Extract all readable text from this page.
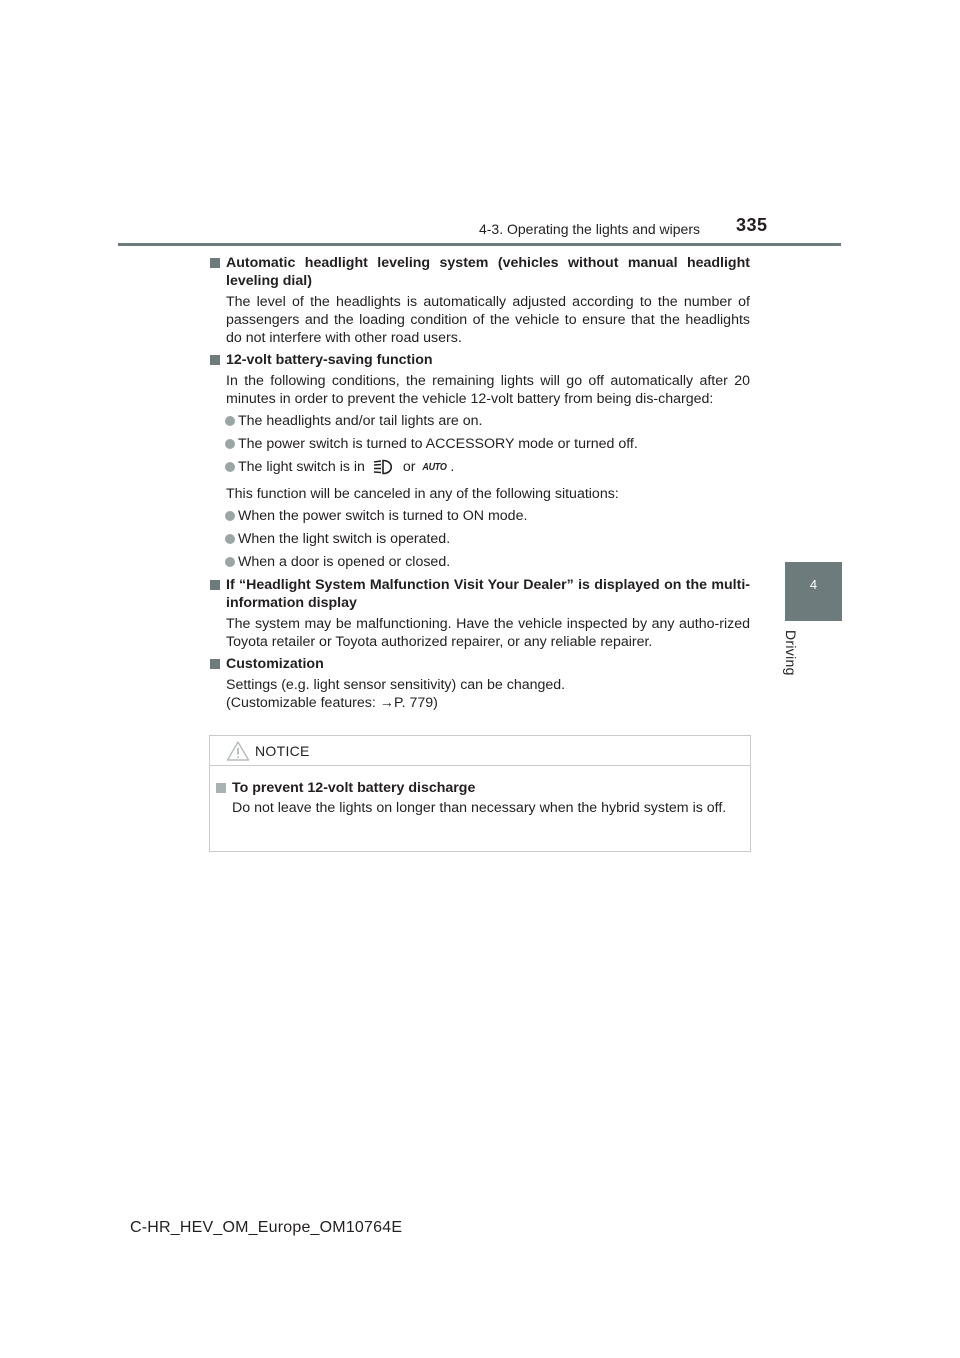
4-3. Operating the lights and wipers 335
4
Driving
Automatic headlight leveling system (vehicles without manual headlight leveling dial)
The level of the headlights is automatically adjusted according to the number of passengers and the loading condition of the vehicle to ensure that the headlights do not interfere with other road users.
12-volt battery-saving function
In the following conditions, the remaining lights will go off automatically after 20 minutes in order to prevent the vehicle 12-volt battery from being dis-charged:
The headlights and/or tail lights are on.
The power switch is turned to ACCESSORY mode or turned off.
The light switch is in	or AUTO .
This function will be canceled in any of the following situations:
When the power switch is turned to ON mode.
When the light switch is operated.
When a door is opened or closed.
If “Headlight System Malfunction Visit Your Dealer” is displayed on the multi-information display
The system may be malfunctioning. Have the vehicle inspected by any autho-rized Toyota retailer or Toyota authorized repairer, or any reliable repairer.
Customization
Settings (e.g. light sensor sensitivity) can be changed.
(Customizable features: →P. 779)
NOTICE
To prevent 12-volt battery discharge
Do not leave the lights on longer than necessary when the hybrid system is off.
C-HR_HEV_OM_Europe_OM10764E
